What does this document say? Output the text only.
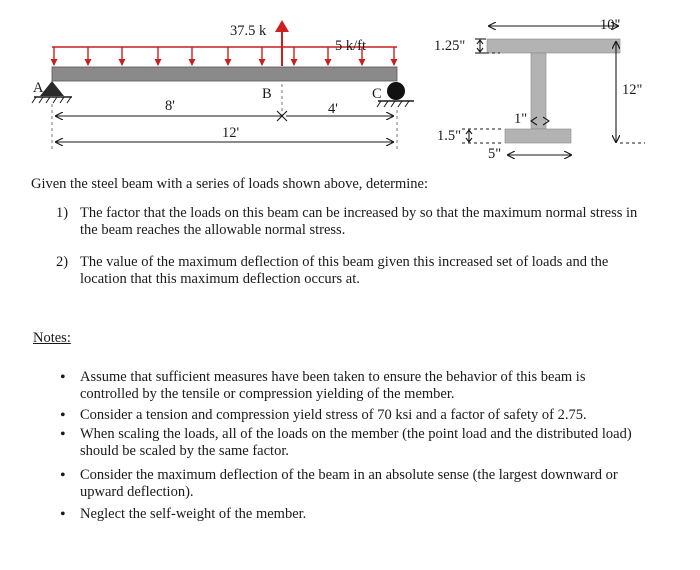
37.5 k
5 k/ft
A	B	C
8'	4'
12'
10"
1.25"
12"
1"
1.5"
5"
Given the steel beam with a series of loads shown above, determine:
1) The factor that the loads on this beam can be increased by so that the maximum normal stress in the beam reaches the allowable normal stress.
2) The value of the maximum deflection of this beam given this increased set of loads and the location that this maximum deflection occurs at.
Notes:
• Assume that sufficient measures have been taken to ensure the behavior of this beam is controlled by the tensile or compression yielding of the member.
• Consider a tension and compression yield stress of 70 ksi and a factor of safety of 2.75.
• When scaling the loads, all of the loads on the member (the point load and the distributed load) should be scaled by the same factor.
• Consider the maximum deflection of the beam in an absolute sense (the largest downward or upward deflection).
• Neglect the self-weight of the member.
